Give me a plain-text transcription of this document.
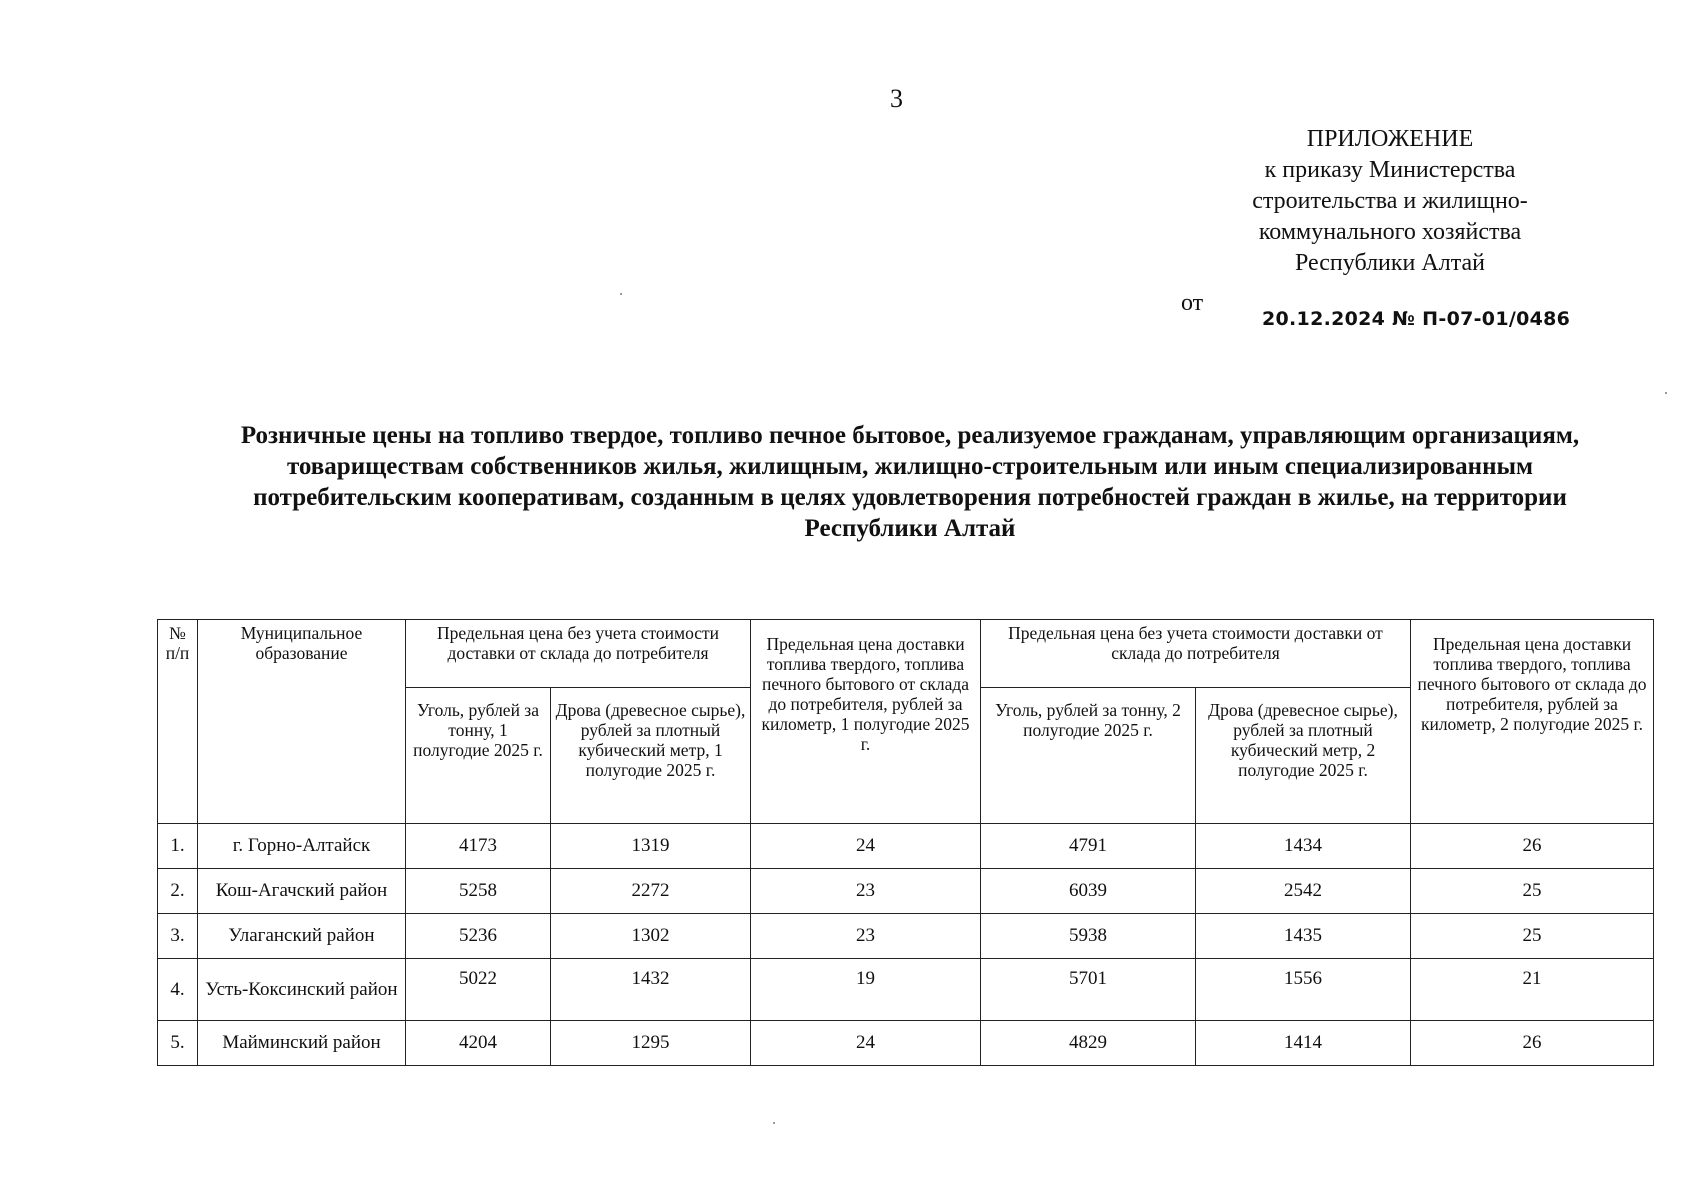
3
ПРИЛОЖЕНИЕ
к приказу Министерства
строительства и жилищно-
коммунального хозяйства
Республики Алтай
от
20.12.2024 № П-07-01/0486
Розничные цены на топливо твердое, топливо печное бытовое, реализуемое гражданам, управляющим организациям, товариществам собственников жилья, жилищным, жилищно-строительным или иным специализированным потребительским кооперативам, созданным в целях удовлетворения потребностей граждан в жилье, на территории Республики Алтай
№ п/п	Муниципальное образование	Предельная цена без учета стоимости доставки от склада до потребителя		Предельная цена доставки топлива твердого, топлива печного бытового от склада до потребителя, рублей за километр, 1 полугодие 2025 г.	Предельная цена без учета стоимости доставки от склада до потребителя		Предельная цена доставки топлива твердого, топлива печного бытового от склада до потребителя, рублей за километр, 2 полугодие 2025 г.
		Уголь, рублей за тонну, 1 полугодие 2025 г.	Дрова (древесное сырье), рублей за плотный кубический метр, 1 полугодие 2025 г.		Уголь, рублей за тонну, 2 полугодие 2025 г.	Дрова (древесное сырье), рублей за плотный кубический метр, 2 полугодие 2025 г.	
1.	г. Горно-Алтайск	4173	1319	24	4791	1434	26
2.	Кош-Агачский район	5258	2272	23	6039	2542	25
3.	Улаганский район	5236	1302	23	5938	1435	25
4.	Усть-Коксинский район	5022	1432	19	5701	1556	21
5.	Майминский район	4204	1295	24	4829	1414	26
